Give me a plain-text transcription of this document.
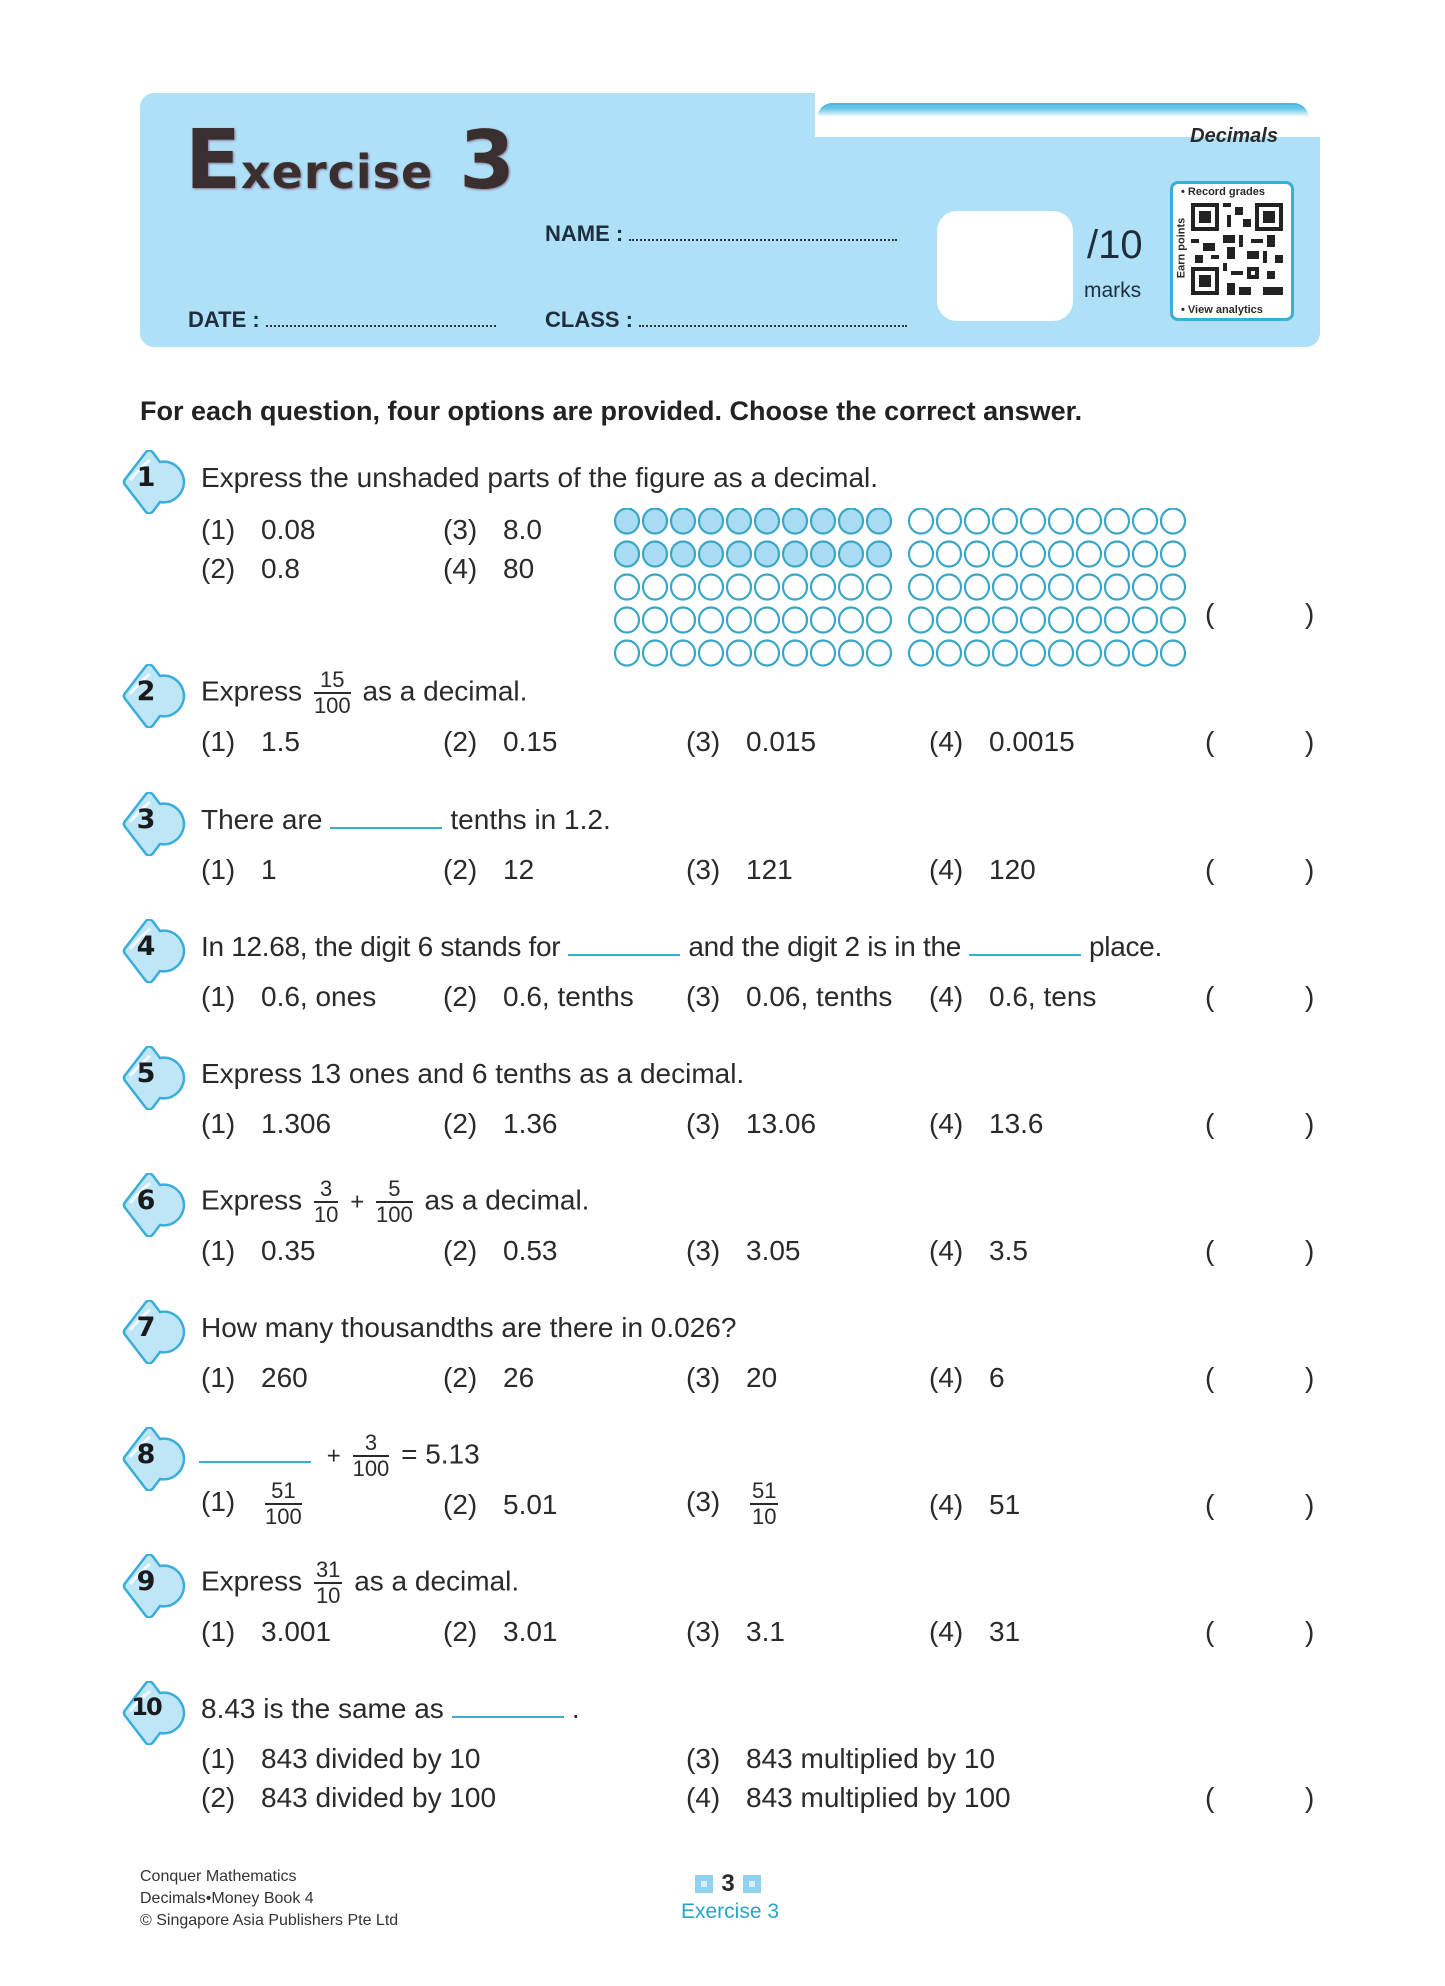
Decimals
Exercise 3
NAME :
DATE :	CLASS :
/10
marks
• Record grades
Earn points
• View analytics
For each question, four options are provided. Choose the correct answer.
1	Express the unshaded parts of the figure as a decimal.
(1) 0.08
(2) 0.8
(3) 8.0
(4) 80
(	)
2	Express $\frac{15}{100}$ as a decimal.
(1) 1.5	(2) 0.15	(3) 0.015	(4) 0.0015	(	)
3	There are	tenths in 1.2.
(1) 1	(2) 12	(3) 121	(4) 120	(	)
4	In 12.68, the digit 6 stands for	and the digit 2 is in the	place.
(1) 0.6, ones (2) 0.6, tenths (3) 0.06, tenths (4) 0.6, tens	(	)
5	Express 13 ones and 6 tenths as a decimal.
(1) 1.306	(2) 1.36	(3) 13.06	(4) 13.6	(	)
6	Express $\frac{3}{10} + \frac{5}{100}$ as a decimal.
(1) 0.35	(2) 0.53	(3) 3.05	(4) 3.5	(	)
7	How many thousandths are there in 0.026?
(1) 260	(2) 26	(3) 20	(4) 6	(	)
8	+ $\frac{3}{100} = 5.13$
$(1) \frac{51}{100}$	(2) 5.01	$(3) \frac{51}{10}$	(4) 51	(	)
9	Express $\frac{31}{10}$ as a decimal.
(1) 3.001	(2) 3.01	(3) 3.1	(4) 31	(	)
10	8.43 is the same as	.
(1) 843 divided by 10
(2) 843 divided by 100
(3) 843 multiplied by 10
(4) 843 multiplied by 100	(	)
Conquer Mathematics
Decimals•Money Book 4
© Singapore Asia Publishers Pte Ltd
3
Exercise 3
